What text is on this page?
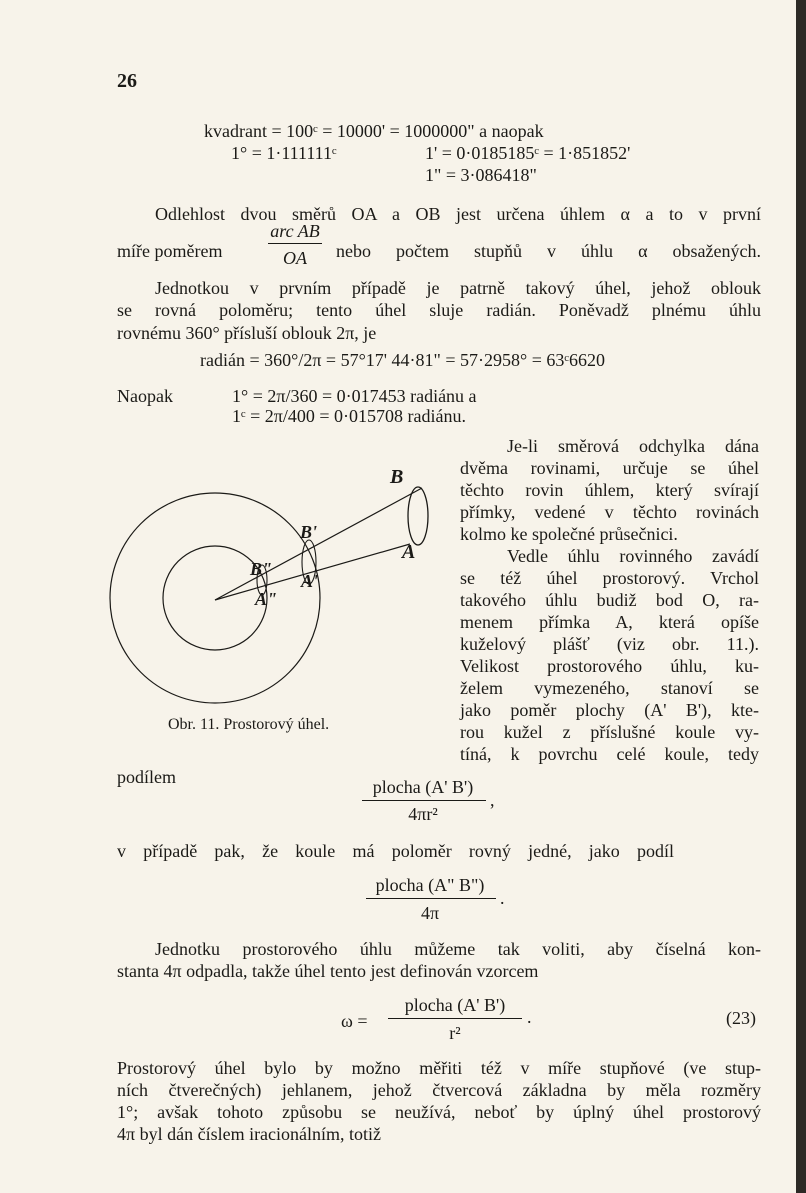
26
kvadrant = 100ᶜ = 10000' = 1000000" a naopak
1° = 1·111111ᶜ	1' = 0·0185185ᶜ = 1·851852'
1" = 3·086418"
Odlehlost dvou směrů OA a OB jest určena úhlem α a to v první
míře poměrem
arc AB
OA	nebo počtem stupňů v úhlu α obsažených.
Jednotkou v prvním případě je patrně takový úhel, jehož oblouk
se rovná poloměru; tento úhel sluje radián. Poněvadž plnému úhlu
rovnému 360° přísluší oblouk 2π, je
radián = 360°/2π = 57°17' 44·81" = 57·2958° = 63ᶜ6620
Naopak	1° = 2π/360 = 0·017453 radiánu a
1ᶜ = 2π/400 = 0·015708 radiánu.
Je-li směrová odchylka dána
dvěma rovinami, určuje se úhel
těchto rovin úhlem, který svírají
přímky, vedené v těchto rovinách
kolmo ke společné průsečnici.
Vedle úhlu rovinného zavádí
se též úhel prostorový. Vrchol
takového úhlu budiž bod O, ra-
menem přímka A, která opíše
kuželový plášť (viz obr. 11.).
Velikost prostorového úhlu, ku-
želem vymezeného, stanoví se
jako poměr plochy (A' B'), kte-
rou kužel z příslušné koule vy-
tíná, k povrchu celé koule, tedy
B
A
B'
A'
B"
A"
Obr. 11. Prostorový úhel.
podílem	plocha (A' B')
4πr²
,
v případě pak, že koule má poloměr rovný jedné, jako podíl
plocha (A" B")
4π
.
Jednotku prostorového úhlu můžeme tak voliti, aby číselná kon-
stanta 4π odpadla, takže úhel tento jest definován vzorcem
ω =
plocha (A' B')
r²
.	(23)
Prostorový úhel bylo by možno měřiti též v míře stupňové (ve stup-
ních čtverečných) jehlanem, jehož čtvercová základna by měla rozměry
1°; avšak tohoto způsobu se neužívá, neboť by úplný úhel prostorový
4π byl dán číslem iracionálním, totiž
